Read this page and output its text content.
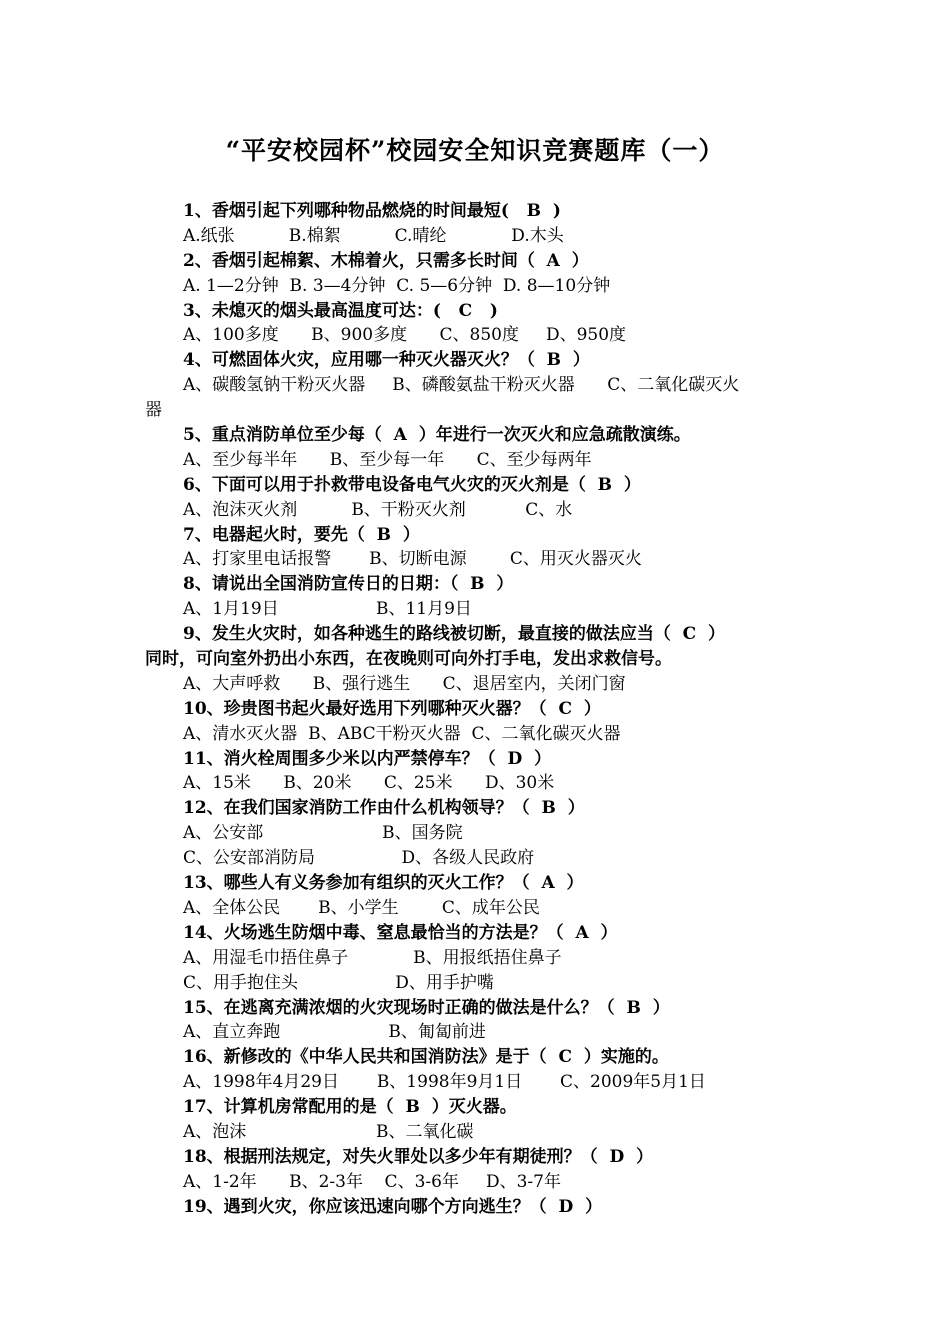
“平安校园杯”校园安全知识竞赛题库（一）
1、香烟引起下列哪种物品燃烧的时间最短(   B  )
A.纸张          B.棉絮          C.晴纶            D.木头
2、香烟引起棉絮、木棉着火，只需多长时间（  A  ）
A. 1—2分钟  B. 3—4分钟  C. 5—6分钟  D. 8—10分钟
3、未熄灭的烟头最高温度可达：(   C   )
A、100多度      B、900多度      C、850度     D、950度
4、可燃固体火灾，应用哪一种灭火器灭火？（  B  ）
A、碳酸氢钠干粉灭火器     B、磷酸氨盐干粉灭火器      C、二氧化碳灭火
器
5、重点消防单位至少每（  A  ）年进行一次灭火和应急疏散演练。
A、至少每半年      B、至少每一年      C、至少每两年
6、下面可以用于扑救带电设备电气火灾的灭火剂是（  B  ）
A、泡沫灭火剂          B、干粉灭火剂           C、水
7、电器起火时，要先（  B  ）
A、打家里电话报警       B、切断电源        C、用灭火器灭火
8、请说出全国消防宣传日的日期：（  B  ）
A、1月19日                  B、11月9日
9、发生火灾时，如各种逃生的路线被切断，最直接的做法应当（  C  ）
同时，可向室外扔出小东西，在夜晚则可向外打手电，发出求救信号。
A、大声呼救      B、强行逃生      C、退居室内，关闭门窗
10、珍贵图书起火最好选用下列哪种灭火器？（  C  ）
A、清水灭火器  B、ABC干粉灭火器  C、二氧化碳灭火器
11、消火栓周围多少米以内严禁停车？（  D  ）
A、15米      B、20米      C、25米      D、30米
12、在我们国家消防工作由什么机构领导？（  B  ）
A、公安部                      B、国务院
C、公安部消防局                D、各级人民政府
13、哪些人有义务参加有组织的灭火工作？（  A  ）
A、全体公民       B、小学生        C、成年公民
14、火场逃生防烟中毒、窒息最恰当的方法是？（  A  ）
A、用湿毛巾捂住鼻子            B、用报纸捂住鼻子
C、用手抱住头                  D、用手护嘴
15、在逃离充满浓烟的火灾现场时正确的做法是什么？（  B  ）
A、直立奔跑                    B、匍匐前进
16、新修改的《中华人民共和国消防法》是于（  C  ）实施的。
A、1998年4月29日       B、1998年9月1日       C、2009年5月1日
17、计算机房常配用的是（  B  ）灭火器。
A、泡沫                        B、二氧化碳
18、根据刑法规定，对失火罪处以多少年有期徒刑？（  D  ）
A、1-2年      B、2-3年    C、3-6年     D、3-7年
19、遇到火灾，你应该迅速向哪个方向逃生？（  D  ）
